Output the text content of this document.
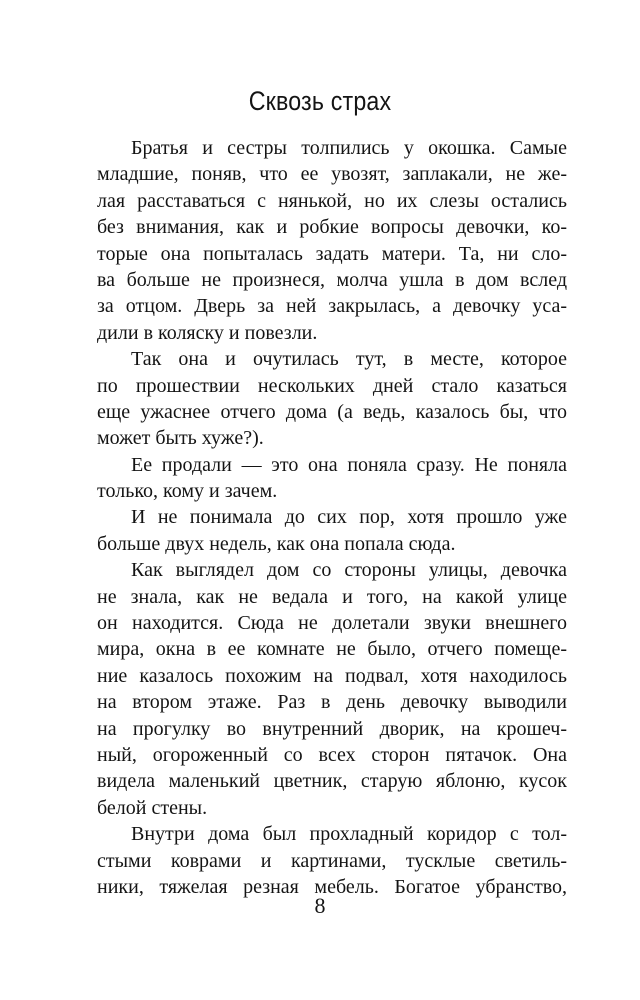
Сквозь страх
Братья и сестры толпились у окошка. Самые
младшие, поняв, что ее увозят, заплакали, не же-
лая расставаться с нянькой, но их слезы остались
без внимания, как и робкие вопросы девочки, ко-
торые она попыталась задать матери. Та, ни сло-
ва больше не произнеся, молча ушла в дом вслед
за отцом. Дверь за ней закрылась, а девочку уса-
дили в коляску и повезли.
Так она и очутилась тут, в месте, которое
по прошествии нескольких дней стало казаться
еще ужаснее отчего дома (а ведь, казалось бы, что
может быть хуже?).
Ее продали — это она поняла сразу. Не поняла
только, кому и зачем.
И не понимала до сих пор, хотя прошло уже
больше двух недель, как она попала сюда.
Как выглядел дом со стороны улицы, девочка
не знала, как не ведала и того, на какой улице
он находится. Сюда не долетали звуки внешнего
мира, окна в ее комнате не было, отчего помеще-
ние казалось похожим на подвал, хотя находилось
на втором этаже. Раз в день девочку выводили
на прогулку во внутренний дворик, на крошеч-
ный, огороженный со всех сторон пятачок. Она
видела маленький цветник, старую яблоню, кусок
белой стены.
Внутри дома был прохладный коридор с тол-
стыми коврами и картинами, тусклые светиль-
ники, тяжелая резная мебель. Богатое убранство,
8
